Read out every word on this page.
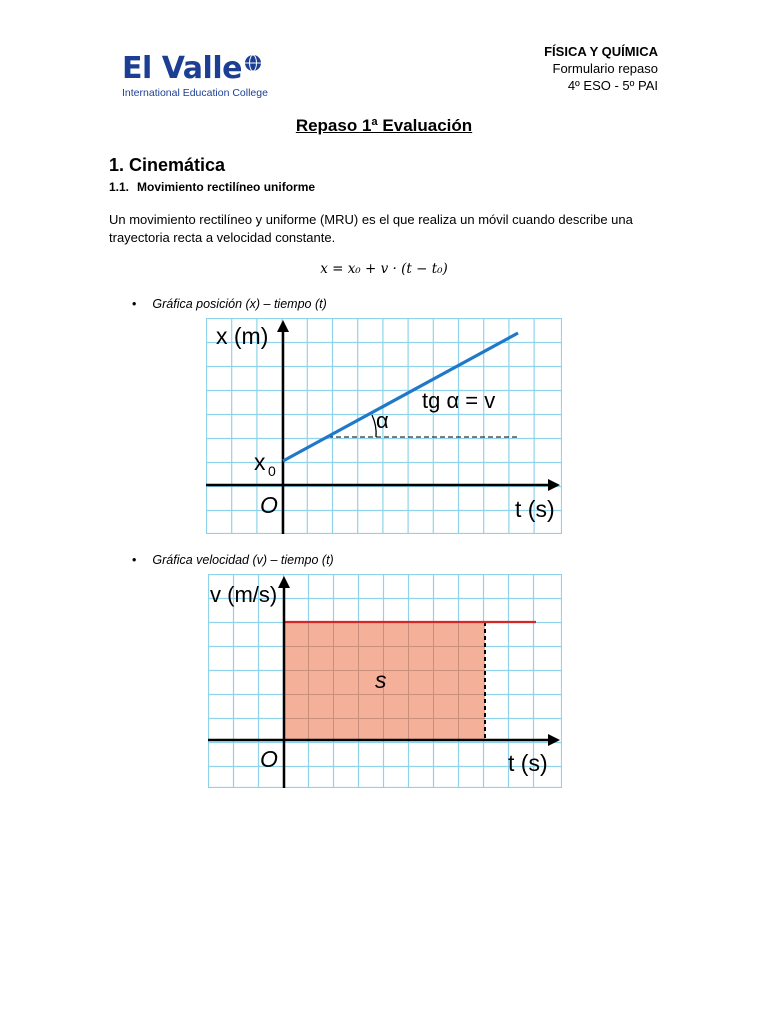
El Valle
International Education College
FÍSICA Y QUÍMICA
Formulario repaso
4º ESO - 5º PAI
Repaso 1ª Evaluación
1. Cinemática
1.1. Movimiento rectilíneo uniforme
Un movimiento rectilíneo y uniforme (MRU) es el que realiza un móvil cuando describe una trayectoria recta a velocidad constante.
x = x₀ + v · (t − t₀)
• Gráfica posición (x) – tiempo (t)
x (m)
x 0
O
α
tg α = v
t (s)
• Gráfica velocidad (v) – tiempo (t)
v (m/s)
s
O	t (s)
